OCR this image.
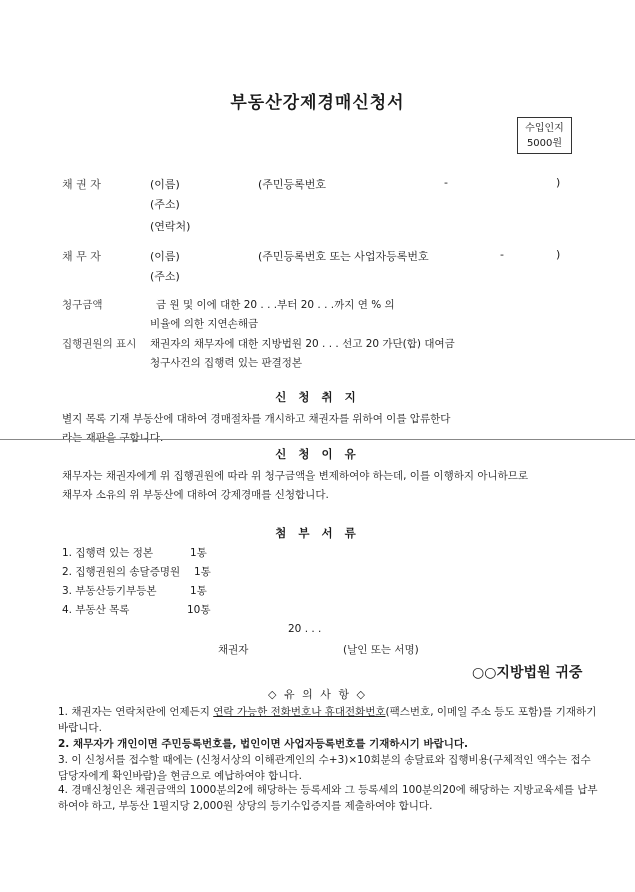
부동산강제경매신청서
수입인지
5000원
채 권 자	(이름)	(주민등록번호	-	)
(주소)
(연락처)
채 무 자	(이름)	(주민등록번호 또는 사업자등록번호	-	)
(주소)
청구금액	금 원 및 이에 대한 20 . . .부터 20 . . .까지 연 % 의
비율에 의한 지연손해금
집행권원의 표시 채권자의 채무자에 대한 지방법원 20 . . . 선고 20 가단(합) 대여금
청구사건의 집행력 있는 판결정본
신 청 취 지
별지 목록 기재 부동산에 대하여 경매절차를 개시하고 채권자를 위하여 이를 압류한다
라는 재판을 구합니다.
신 청 이 유
채무자는 채권자에게 위 집행권원에 따라 위 청구금액을 변제하여야 하는데, 이를 이행하지 아니하므로
채무자 소유의 위 부동산에 대하여 강제경매를 신청합니다.
첨 부 서 류
1. 집행력 있는 정본	1통
2. 집행권원의 송달증명원 1통
3. 부동산등기부등본	1통
4. 부동산 목록	10통
20 . . .
채권자	(날인 또는 서명)
○○지방법원 귀중
◇ 유 의 사 항 ◇
1. 채권자는 연락처란에 언제든지 연락 가능한 전화번호나 휴대전화번호(팩스번호, 이메일 주소 등도 포함)를 기재하기 바랍니다.
2. 채무자가 개인이면 주민등록번호를, 법인이면 사업자등록번호를 기재하시기 바랍니다.
3. 이 신청서를 접수할 때에는 (신청서상의 이해관계인의 수+3)×10회분의 송달료와 집행비용(구체적인 액수는 접수담당자에게 확인바람)을 현금으로 예납하여야 합니다.
4. 경매신청인은 채권금액의 1000분의2에 해당하는 등록세와 그 등록세의 100분의20에 해당하는 지방교육세를 납부하여야 하고, 부동산 1필지당 2,000원 상당의 등기수입증지를 제출하여야 합니다.
